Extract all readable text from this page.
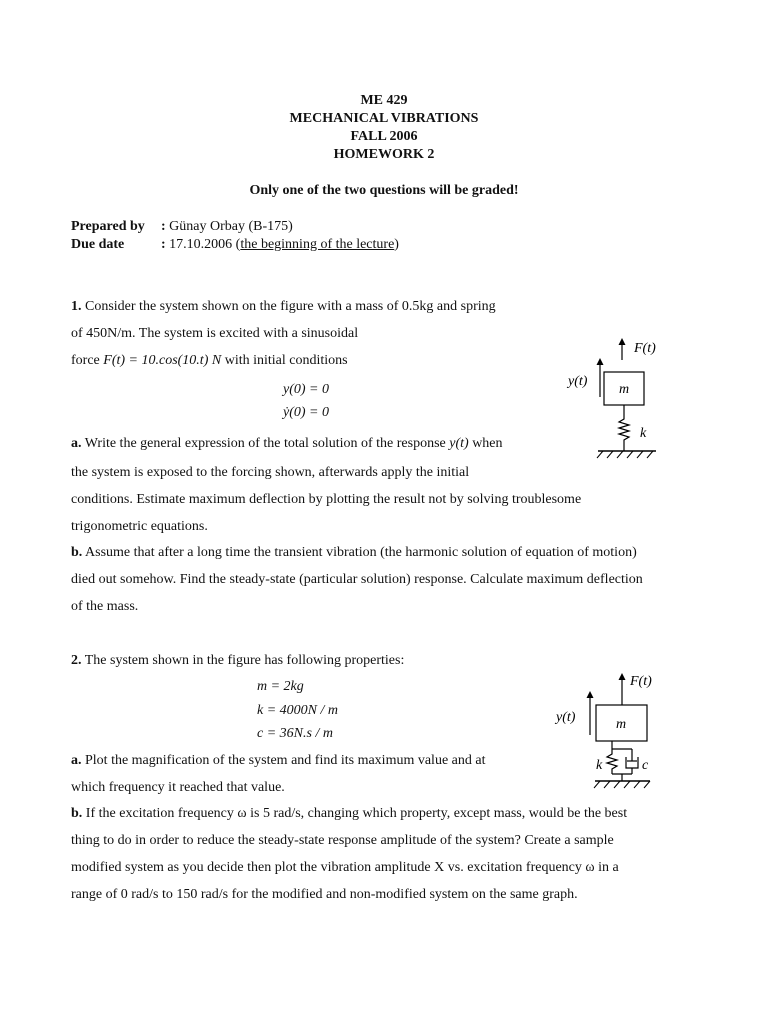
ME 429
MECHANICAL VIBRATIONS
FALL 2006
HOMEWORK 2
Only one of the two questions will be graded!
Prepared by : Günay Orbay (B-175)
Due date	: 17.10.2006 (the beginning of the lecture)
1. Consider the system shown on the figure with a mass of 0.5kg and spring
of 450N/m. The system is excited with a sinusoidal
force F(t) = 10.cos(10.t) N with initial conditions
y(0) = 0
ẏ(0) = 0
a. Write the general expression of the total solution of the response y(t) when
the system is exposed to the forcing shown, afterwards apply the initial
conditions. Estimate maximum deflection by plotting the result not by solving troublesome
trigonometric equations.
b. Assume that after a long time the transient vibration (the harmonic solution of equation of motion)
died out somehow. Find the steady-state (particular solution) response. Calculate maximum deflection
of the mass.
F(t)
y(t)
m
k
2. The system shown in the figure has following properties:
m = 2kg
k = 4000N / m
c = 36N.s / m
a. Plot the magnification of the system and find its maximum value and at
which frequency it reached that value.
b. If the excitation frequency ω is 5 rad/s, changing which property, except mass, would be the best
thing to do in order to reduce the steady-state response amplitude of the system? Create a sample
modified system as you decide then plot the vibration amplitude X vs. excitation frequency ω in a
range of 0 rad/s to 150 rad/s for the modified and non-modified system on the same graph.
F(t)
y(t)	m
k	c
